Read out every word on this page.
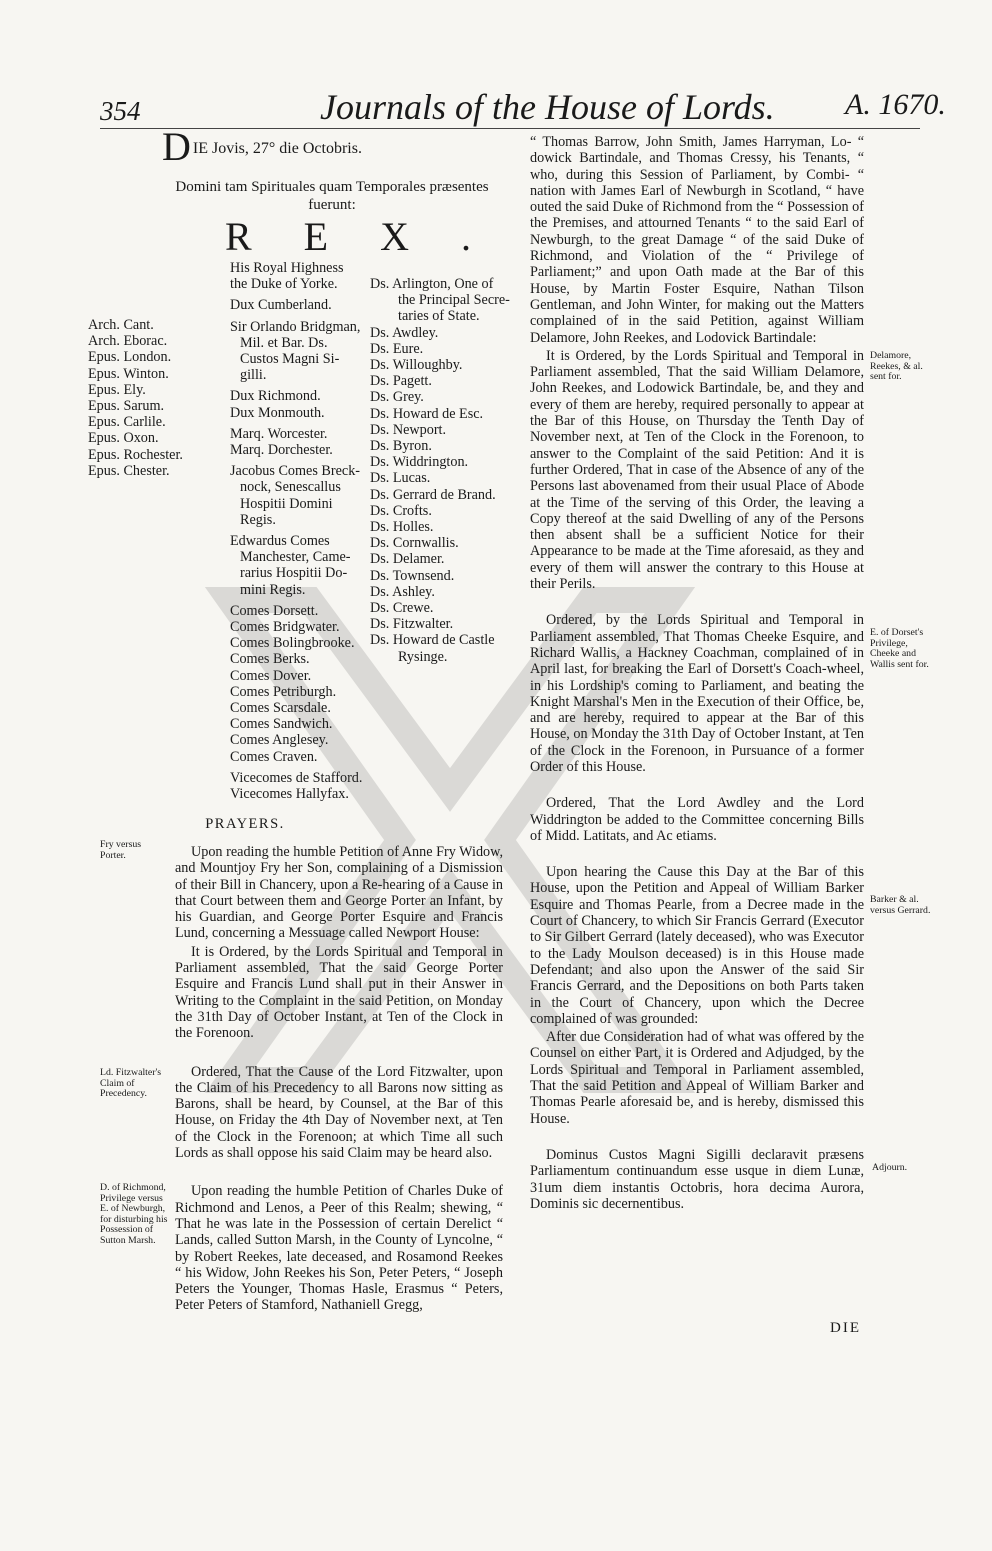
354	Journals of the House of Lords. A. 1670.
D IE Jovis, 27° die Octobris.
Domini tam Spirituales quam Temporales præsentes
fuerunt:
REX.
Arch. Cant.
Arch. Eborac.
Epus. London.
Epus. Winton.
Epus. Ely.
Epus. Sarum.
Epus. Carlile.
Epus. Oxon.
Epus. Rochester.
Epus. Chester.
His Royal Highness
the Duke of Yorke.
Dux Cumberland.
Sir Orlando Bridgman,
Mil. et Bar. Ds.
Custos Magni Si-
gilli.
Dux Richmond.
Dux Monmouth.
Marq. Worcester.
Marq. Dorchester.
Jacobus Comes Breck-
nock, Senescallus
Hospitii Domini
Regis.
Edwardus Comes
Manchester, Came-
rarius Hospitii Do-
mini Regis.
Comes Dorsett.
Comes Bridgwater.
Comes Bolingbrooke.
Comes Berks.
Comes Dover.
Comes Petriburgh.
Comes Scarsdale.
Comes Sandwich.
Comes Anglesey.
Comes Craven.
Vicecomes de Stafford.
Vicecomes Hallyfax.
Ds. Arlington, One of
the Principal Secre-
taries of State.
Ds. Awdley.
Ds. Eure.
Ds. Willoughby.
Ds. Pagett.
Ds. Grey.
Ds. Howard de Esc.
Ds. Newport.
Ds. Byron.
Ds. Widdrington.
Ds. Lucas.
Ds. Gerrard de Brand.
Ds. Crofts.
Ds. Holles.
Ds. Cornwallis.
Ds. Delamer.
Ds. Townsend.
Ds. Ashley.
Ds. Crewe.
Ds. Fitzwalter.
Ds. Howard de Castle
Rysinge.
PRAYERS.

Upon reading the humble Petition of Anne Fry Widow, and Mountjoy Fry her Son, complaining of a Dismission of their Bill in Chancery, upon a Re-hearing of a Cause in that Court between them and George Porter an Infant, by his Guardian, and George Porter Esquire and Francis Lund, concerning a Messuage called Newport House:

It is Ordered, by the Lords Spiritual and Temporal in Parliament assembled, That the said George Porter Esquire and Francis Lund shall put in their Answer in Writing to the Complaint in the said Petition, on Monday the 31th Day of October Instant, at Ten of the Clock in the Forenoon.

Ordered, That the Cause of the Lord Fitzwalter, upon the Claim of his Precedency to all Barons now sitting as Barons, shall be heard, by Counsel, at the Bar of this House, on Friday the 4th Day of November next, at Ten of the Clock in the Forenoon; at which Time all such Lords as shall oppose his said Claim may be heard also.

Upon reading the humble Petition of Charles Duke of Richmond and Lenos, a Peer of this Realm; shewing, “ That he was late in the Possession of certain Derelict “ Lands, called Sutton Marsh, in the County of Lyncolne, “ by Robert Reekes, late deceased, and Rosamond Reekes “ his Widow, John Reekes his Son, Peter Peters, “ Joseph Peters the Younger, Thomas Hasle, Erasmus “ Peters, Peter Peters of Stamford, Nathaniell Gregg,

“ Thomas Barrow, John Smith, James Harryman, Lo- “ dowick Bartindale, and Thomas Cressy, his Tenants, “ who, during this Session of Parliament, by Combi- “ nation with James Earl of Newburgh in Scotland, “ have outed the said Duke of Richmond from the “ Possession of the Premises, and attourned Tenants “ to the said Earl of Newburgh, to the great Damage “ of the said Duke of Richmond, and Violation of the “ Privilege of Parliament;” and upon Oath made at the Bar of this House, by Martin Foster Esquire, Nathan Tilson Gentleman, and John Winter, for making out the Matters complained of in the said Petition, against William Delamore, John Reekes, and Lodovick Bartindale:

It is Ordered, by the Lords Spiritual and Temporal in Parliament assembled, That the said William Delamore, John Reekes, and Lodowick Bartindale, be, and they and every of them are hereby, required personally to appear at the Bar of this House, on Thursday the Tenth Day of November next, at Ten of the Clock in the Forenoon, to answer to the Complaint of the said Petition: And it is further Ordered, That in case of the Absence of any of the Persons last abovenamed from their usual Place of Abode at the Time of the serving of this Order, the leaving a Copy thereof at the said Dwelling of any of the Persons then absent shall be a sufficient Notice for their Appearance to be made at the Time aforesaid, as they and every of them will answer the contrary to this House at their Perils.

Ordered, by the Lords Spiritual and Temporal in Parliament assembled, That Thomas Cheeke Esquire, and Richard Wallis, a Hackney Coachman, complained of in April last, for breaking the Earl of Dorsett's Coach-wheel, in his Lordship's coming to Parliament, and beating the Knight Marshal's Men in the Execution of their Office, be, and are hereby, required to appear at the Bar of this House, on Monday the 31th Day of October Instant, at Ten of the Clock in the Forenoon, in Pursuance of a former Order of this House.

Ordered, That the Lord Awdley and the Lord Widdrington be added to the Committee concerning Bills of Midd. Latitats, and Ac etiams.

Upon hearing the Cause this Day at the Bar of this House, upon the Petition and Appeal of William Barker Esquire and Thomas Pearle, from a Decree made in the Court of Chancery, to which Sir Francis Gerrard (Executor to Sir Gilbert Gerrard (lately deceased), who was Executor to the Lady Moulson deceased) is in this House made Defendant; and also upon the Answer of the said Sir Francis Gerrard, and the Depositions on both Parts taken in the Court of Chancery, upon which the Decree complained of was grounded:

After due Consideration had of what was offered by the Counsel on either Part, it is Ordered and Adjudged, by the Lords Spiritual and Temporal in Parliament assembled, That the said Petition and Appeal of William Barker and Thomas Pearle aforesaid be, and is hereby, dismissed this House.

Dominus Custos Magni Sigilli declaravit præsens Parliamentum continuandum esse usque in diem Lunæ, 31um diem instantis Octobris, hora decima Aurora, Dominis sic decernentibus.

Fry versus Porter.
Ld. Fitzwalter's Claim of Precedency.
D. of Richmond, Privilege versus E. of Newburgh, for disturbing his Possession of Sutton Marsh.
Delamore, Reekes, & al. sent for.
E. of Dorset's Privilege, Cheeke and Wallis sent for.
Barker & al. versus Gerrard.
Adjourn.
DIE
